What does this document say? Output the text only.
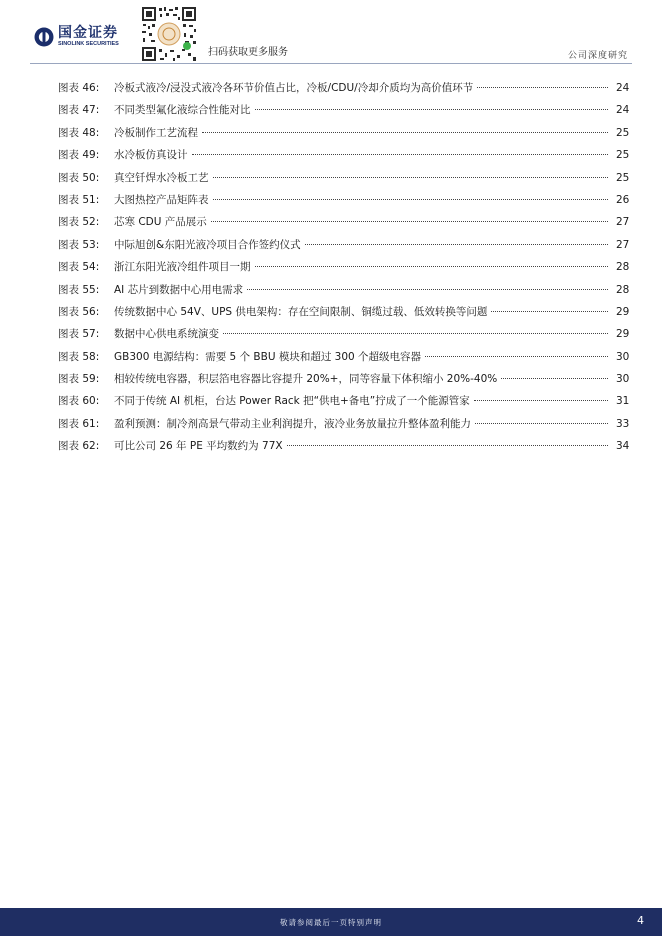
国金证券
SINOLINK SECURITIES
扫码获取更多服务	公司深度研究
图表 46:	冷板式液冷/浸没式液冷各环节价值占比，冷板/CDU/冷却介质均为高价值环节	24
图表 47:	不同类型氟化液综合性能对比	24
图表 48:	冷板制作工艺流程	25
图表 49:	水冷板仿真设计	25
图表 50:	真空钎焊水冷板工艺	25
图表 51:	大图热控产品矩阵表	26
图表 52:	芯寒 CDU 产品展示	27
图表 53:	中际旭创&东阳光液冷项目合作签约仪式	27
图表 54:	浙江东阳光液冷组件项目一期	28
图表 55:	AI 芯片到数据中心用电需求	28
图表 56:	传统数据中心 54V、UPS 供电架构：存在空间限制、铜缆过载、低效转换等问题	29
图表 57:	数据中心供电系统演变	29
图表 58:	GB300 电源结构：需要 5 个 BBU 模块和超过 300 个超级电容器	30
图表 59:	相较传统电容器，积层箔电容器比容提升 20%+，同等容量下体积缩小 20%-40%	30
图表 60:	不同于传统 AI 机柜，台达 Power Rack 把“供电+备电”拧成了一个能源管家	31
图表 61:	盈利预测：制冷剂高景气带动主业利润提升，液冷业务放量拉升整体盈利能力	33
图表 62:	可比公司 26 年 PE 平均数约为 77X	34
敬请参阅最后一页特别声明	4
